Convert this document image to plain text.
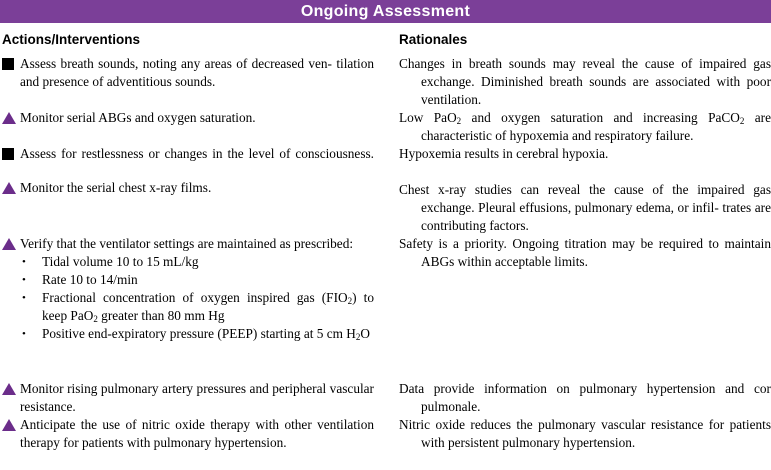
Ongoing Assessment
Actions/Interventions	Rationales
Assess breath sounds, noting any areas of decreased ven- tilation and presence of adventitious sounds.
Monitor serial ABGs and oxygen saturation.
Assess for restlessness or changes in the level of consciousness.
Monitor the serial chest x-ray films.
Verify that the ventilator settings are maintained as prescribed:
• Tidal volume 10 to 15 mL/kg
• Rate 10 to 14/min
• Fractional concentration of oxygen inspired gas $(FIO_2)$ to keep PaO$_2$ greater than 80 mm Hg
• Positive end-expiratory pressure (PEEP) starting at 5 cm $H_2O$
Monitor rising pulmonary artery pressures and peripheral vascular resistance.
Anticipate the use of nitric oxide therapy with other ventilation therapy for patients with pulmonary hypertension.
Changes in breath sounds may reveal the cause of impaired gas exchange. Diminished breath sounds are associated with poor ventilation.
Low PaO$_2$ and oxygen saturation and increasing PaCO$_2$ are characteristic of hypoxemia and respiratory failure.
Hypoxemia results in cerebral hypoxia.
Chest x-ray studies can reveal the cause of the impaired gas exchange. Pleural effusions, pulmonary edema, or infil- trates are contributing factors.
Safety is a priority. Ongoing titration may be required to maintain ABGs within acceptable limits.
Data provide information on pulmonary hypertension and cor pulmonale.
Nitric oxide reduces the pulmonary vascular resistance for patients with persistent pulmonary hypertension.
